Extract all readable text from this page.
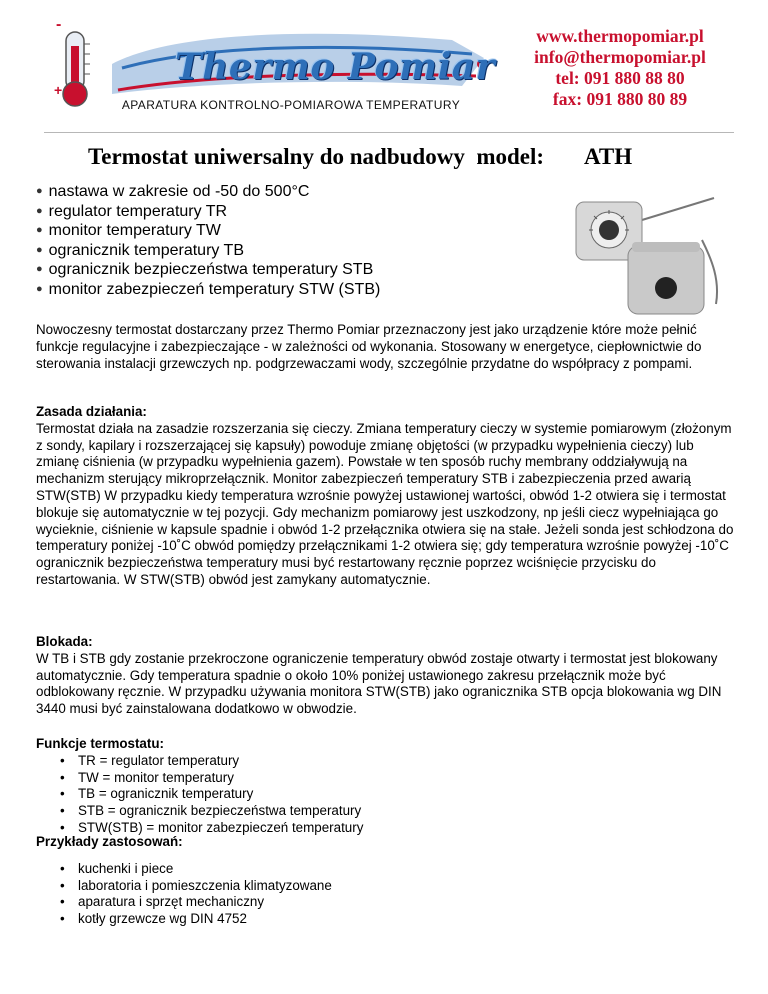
-
+
Thermo Pomiar
APARATURA KONTROLNO-POMIAROWA TEMPERATURY
www.thermopomiar.pl
info@thermopomiar.pl
tel: 091 880 88 80
fax: 091 880 80 89
Termostat uniwersalny do nadbudowy  model: ATH
● nastawa w zakresie od -50 do 500°C
● regulator temperatury TR
● monitor temperatury TW
● ogranicznik temperatury TB
● ogranicznik bezpieczeństwa temperatury STB
● monitor zabezpieczeń temperatury STW (STB)

Nowoczesny termostat dostarczany przez Thermo Pomiar przeznaczony jest jako urządzenie które może pełnić funkcje regulacyjne i zabezpieczające - w zależności od wykonania. Stosowany w energetyce, ciepłownictwie do sterowania instalacji grzewczych np. podgrzewaczami wody, szczególnie przydatne do współpracy z pompami.

Zasada działania:

Termostat działa na zasadzie rozszerzania się cieczy. Zmiana temperatury cieczy w systemie pomiarowym (złożonym z sondy, kapilary i rozszerzającej się kapsuły) powoduje zmianę objętości (w przypadku wypełnienia cieczy) lub zmianę ciśnienia (w przypadku wypełnienia gazem). Powstałe w ten sposób ruchy membrany oddziaływują na mechanizm sterujący mikroprzełącznik. Monitor zabezpieczeń temperatury STB i zabezpieczenia przed awarią STW(STB) W przypadku kiedy temperatura wzrośnie powyżej ustawionej wartości, obwód 1-2 otwiera się i termostat blokuje się automatycznie w tej pozycji. Gdy mechanizm pomiarowy jest uszkodzony, np jeśli ciecz wypełniająca go wycieknie, ciśnienie w kapsule spadnie i obwód 1-2 przełącznika otwiera się na stałe. Jeżeli sonda jest schłodzona do temperatury poniżej -10˚C obwód pomiędzy przełącznikami 1-2 otwiera się; gdy temperatura wzrośnie powyżej -10˚C ogranicznik bezpieczeństwa temperatury musi być restartowany ręcznie poprzez wciśnięcie przycisku do restartowania. W STW(STB) obwód jest zamykany automatycznie.

Blokada:

W TB i STB gdy zostanie przekroczone ograniczenie temperatury obwód zostaje otwarty i termostat jest blokowany automatycznie. Gdy temperatura spadnie o około 10% poniżej ustawionego zakresu przełącznik może być odblokowany ręcznie. W przypadku używania monitora STW(STB) jako ogranicznika STB opcja blokowania wg DIN 3440 musi być zainstalowana dodatkowo w obwodzie.

Funkcje termostatu:
• TR = regulator temperatury
• TW = monitor temperatury
• TB = ogranicznik temperatury
• STB = ogranicznik bezpieczeństwa temperatury
• STW(STB) = monitor zabezpieczeń temperatury
Przykłady zastosowań:
• kuchenki i piece
• laboratoria i pomieszczenia klimatyzowane
• aparatura i sprzęt mechaniczny
• kotły grzewcze wg DIN 4752
